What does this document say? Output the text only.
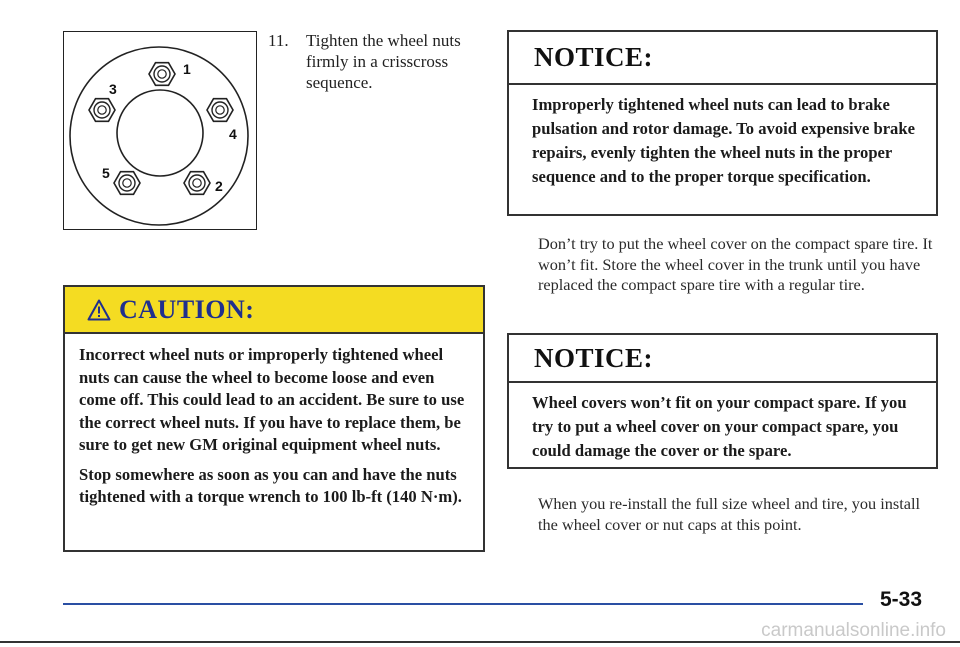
1
2
3
4
5
11. Tighten the wheel nuts firmly in a crisscross sequence.
CAUTION:

Incorrect wheel nuts or improperly tightened wheel nuts can cause the wheel to become loose and even come off. This could lead to an accident. Be sure to use the correct wheel nuts. If you have to replace them, be sure to get new GM original equipment wheel nuts.

Stop somewhere as soon as you can and have the nuts tightened with a torque wrench to 100 lb-ft (140 N·m).

NOTICE:
Improperly tightened wheel nuts can lead to brake pulsation and rotor damage. To avoid expensive brake repairs, evenly tighten the wheel nuts in the proper sequence and to the proper torque specification.
Don’t try to put the wheel cover on the compact spare tire. It won’t fit. Store the wheel cover in the trunk until you have replaced the compact spare tire with a regular tire.
NOTICE:
Wheel covers won’t fit on your compact spare. If you try to put a wheel cover on your compact spare, you could damage the cover or the spare.
When you re-install the full size wheel and tire, you install the wheel cover or nut caps at this point.
5-33
carmanualsonline.info
